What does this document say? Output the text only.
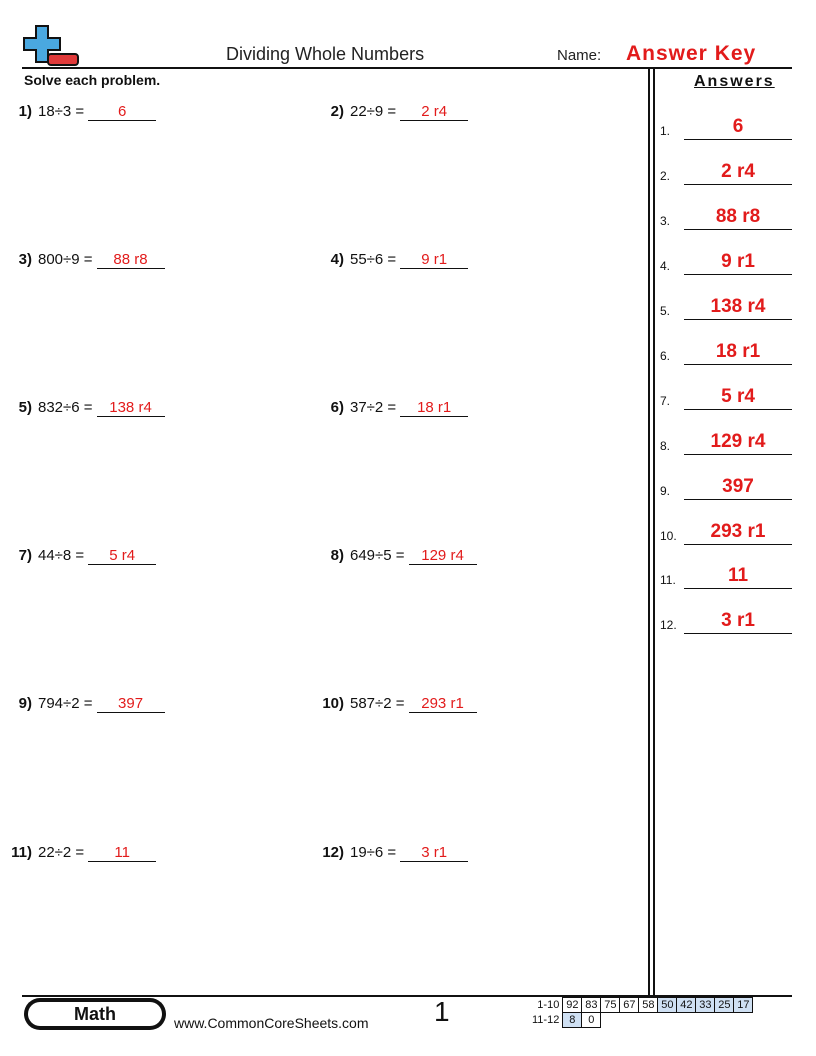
Dividing Whole Numbers	Name: Answer Key
Solve each problem.	Answers
1) 18÷3 = 6	2) 22÷9 = 2 r4
3) 800÷9 = 88 r8	4) 55÷6 = 9 r1
5) 832÷6 = 138 r4	6) 37÷2 = 18 r1
7) 44÷8 = 5 r4	8) 649÷5 = 129 r4
9) 794÷2 = 397	10) 587÷2 = 293 r1
11) 22÷2 = 11	12) 19÷6 = 3 r1
1.	6
2.	2 r4
3.	88 r8
4.	9 r1
5.	138 r4
6.	18 r1
7.	5 r4
8.	129 r4
9.	397
10.	293 r1
11.	11
12.	3 r1
Math	www.CommonCoreSheets.com 1	1-10	92	83	75	67	58	50	42	33	25	17
11-12	8	0								
